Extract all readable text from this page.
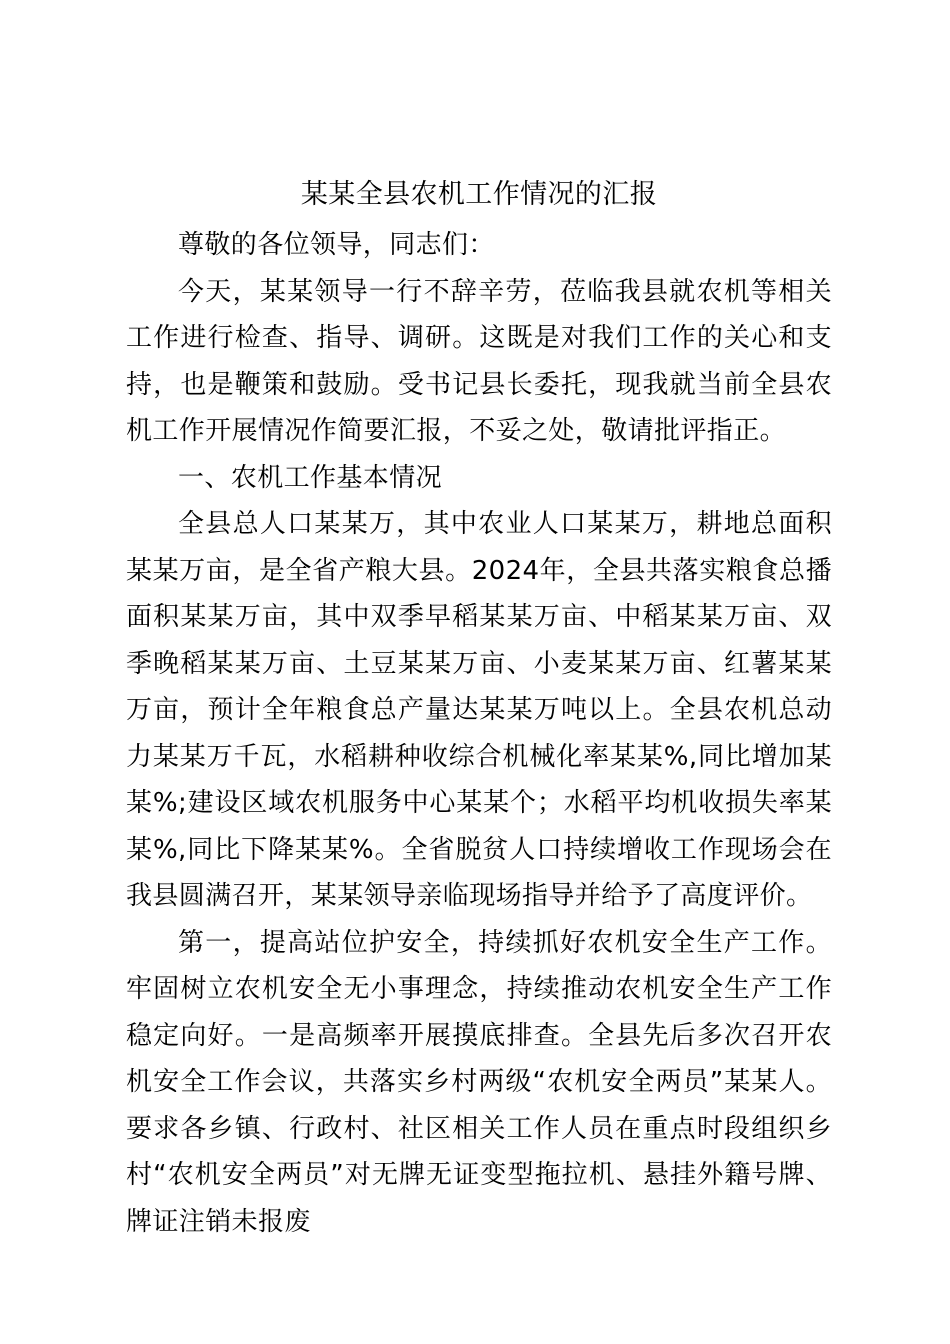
某某全县农机工作情况的汇报

尊敬的各位领导，同志们：

今天，某某领导一行不辞辛劳，莅临我县就农机等相关工作进行检查、指导、调研。这既是对我们工作的关心和支持，也是鞭策和鼓励。受书记县长委托，现我就当前全县农机工作开展情况作简要汇报，不妥之处，敬请批评指正。

一、农机工作基本情况

全县总人口某某万，其中农业人口某某万，耕地总面积某某万亩，是全省产粮大县。2024年，全县共落实粮食总播面积某某万亩，其中双季早稻某某万亩、中稻某某万亩、双季晚稻某某万亩、土豆某某万亩、小麦某某万亩、红薯某某万亩，预计全年粮食总产量达某某万吨以上。全县农机总动力某某万千瓦，水稻耕种收综合机械化率某某%,同比增加某某%;建设区域农机服务中心某某个；水稻平均机收损失率某某%,同比下降某某%。全省脱贫人口持续增收工作现场会在我县圆满召开，某某领导亲临现场指导并给予了高度评价。

第一，提高站位护安全，持续抓好农机安全生产工作。牢固树立农机安全无小事理念，持续推动农机安全生产工作稳定向好。一是高频率开展摸底排查。全县先后多次召开农机安全工作会议，共落实乡村两级“农机安全两员”某某人。要求各乡镇、行政村、社区相关工作人员在重点时段组织乡村“农机安全两员”对无牌无证变型拖拉机、悬挂外籍号牌、牌证注销未报废
